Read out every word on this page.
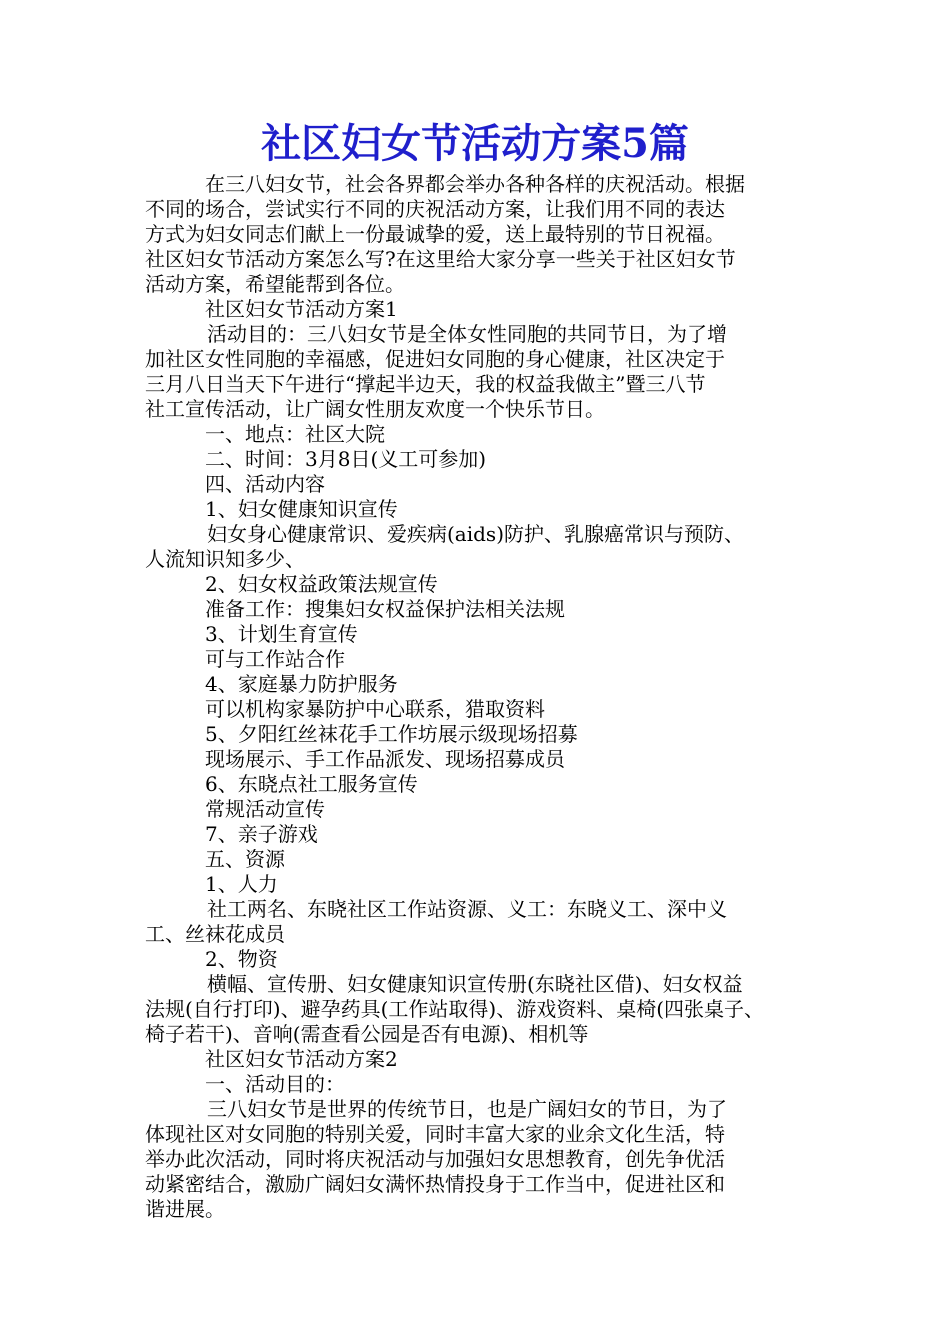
社区妇女节活动方案5篇

在三八妇女节，社会各界都会举办各种各样的庆祝活动。根据

不同的场合，尝试实行不同的庆祝活动方案，让我们用不同的表达

方式为妇女同志们献上一份最诚挚的爱，送上最特别的节日祝福。

社区妇女节活动方案怎么写?在这里给大家分享一些关于社区妇女节

活动方案，希望能帮到各位。

社区妇女节活动方案1

活动目的：三八妇女节是全体女性同胞的共同节日，为了增

加社区女性同胞的幸福感，促进妇女同胞的身心健康，社区决定于

三月八日当天下午进行“撑起半边天，我的权益我做主”暨三八节

社工宣传活动，让广阔女性朋友欢度一个快乐节日。

一、地点：社区大院

二、时间：3月8日(义工可参加)

四、活动内容

1、妇女健康知识宣传

妇女身心健康常识、爱疾病(aids)防护、乳腺癌常识与预防、

人流知识知多少、

2、妇女权益政策法规宣传

准备工作：搜集妇女权益保护法相关法规

3、计划生育宣传

可与工作站合作

4、家庭暴力防护服务

可以机构家暴防护中心联系，猎取资料

5、夕阳红丝袜花手工作坊展示级现场招募

现场展示、手工作品派发、现场招募成员

6、东晓点社工服务宣传

常规活动宣传

7、亲子游戏

五、资源

1、人力

社工两名、东晓社区工作站资源、义工：东晓义工、深中义

工、丝袜花成员

2、物资

横幅、宣传册、妇女健康知识宣传册(东晓社区借)、妇女权益

法规(自行打印)、避孕药具(工作站取得)、游戏资料、桌椅(四张桌子、

椅子若干)、音响(需查看公园是否有电源)、相机等

社区妇女节活动方案2

一、活动目的：

三八妇女节是世界的传统节日，也是广阔妇女的节日，为了

体现社区对女同胞的特别关爱，同时丰富大家的业余文化生活，特

举办此次活动，同时将庆祝活动与加强妇女思想教育，创先争优活

动紧密结合，激励广阔妇女满怀热情投身于工作当中，促进社区和

谐进展。
